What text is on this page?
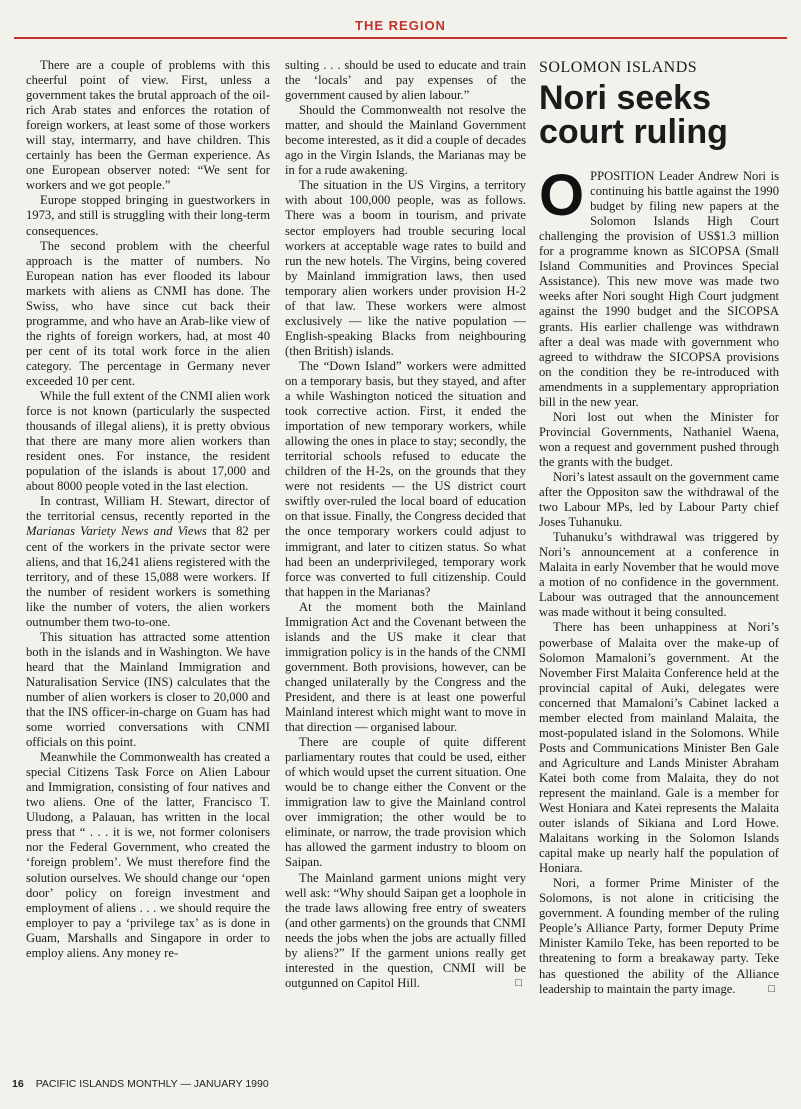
THE REGION

There are a couple of problems with this cheerful point of view. First, unless a government takes the brutal approach of the oil-rich Arab states and enforces the rotation of foreign workers, at least some of those workers will stay, intermarry, and have children. This certainly has been the German experience. As one European observer noted: “We sent for workers and we got people.”

Europe stopped bringing in guestworkers in 1973, and still is struggling with their long-term consequences.

The second problem with the cheerful approach is the matter of numbers. No European nation has ever flooded its labour markets with aliens as CNMI has done. The Swiss, who have since cut back their programme, and who have an Arab-like view of the rights of foreign workers, had, at most 40 per cent of its total work force in the alien category. The percentage in Germany never exceeded 10 per cent.

While the full extent of the CNMI alien work force is not known (particularly the suspected thousands of illegal aliens), it is pretty obvious that there are many more alien workers than resident ones. For instance, the resident population of the islands is about 17,000 and about 8000 people voted in the last election.

In contrast, William H. Stewart, director of the territorial census, recently reported in the Marianas Variety News and Views that 82 per cent of the workers in the private sector were aliens, and that 16,241 aliens registered with the territory, and of these 15,088 were workers. If the number of resident workers is something like the number of voters, the alien workers outnumber them two-to-one.

This situation has attracted some attention both in the islands and in Washington. We have heard that the Mainland Immigration and Naturalisation Service (INS) calculates that the number of alien workers is closer to 20,000 and that the INS officer-in-charge on Guam has had some worried conversations with CNMI officials on this point.

Meanwhile the Commonwealth has created a special Citizens Task Force on Alien Labour and Immigration, consisting of four natives and two aliens. One of the latter, Francisco T. Uludong, a Palauan, has written in the local press that “ . . . it is we, not former colonisers nor the Federal Government, who created the ‘foreign problem’. We must therefore find the solution ourselves. We should change our ‘open door’ policy on foreign investment and employment of aliens . . . we should require the employer to pay a ‘privilege tax’ as is done in Guam, Marshalls and Singapore in order to employ aliens. Any money re-

sulting . . . should be used to educate and train the ‘locals’ and pay expenses of the government caused by alien labour.”

Should the Commonwealth not resolve the matter, and should the Mainland Government become interested, as it did a couple of decades ago in the Virgin Islands, the Marianas may be in for a rude awakening.

The situation in the US Virgins, a territory with about 100,000 people, was as follows. There was a boom in tourism, and private sector employers had trouble securing local workers at acceptable wage rates to build and run the new hotels. The Virgins, being covered by Mainland immigration laws, then used temporary alien workers under provision H-2 of that law. These workers were almost exclusively — like the native population — English-speaking Blacks from neighbouring (then British) islands.

The “Down Island” workers were admitted on a temporary basis, but they stayed, and after a while Washington noticed the situation and took corrective action. First, it ended the importation of new temporary workers, while allowing the ones in place to stay; secondly, the territorial schools refused to educate the children of the H-2s, on the grounds that they were not residents — the US district court swiftly over-ruled the local board of education on that issue. Finally, the Congress decided that the once temporary workers could adjust to immigrant, and later to citizen status. So what had been an underprivileged, temporary work force was converted to full citizenship. Could that happen in the Marianas?

At the moment both the Mainland Immigration Act and the Covenant between the islands and the US make it clear that immigration policy is in the hands of the CNMI government. Both provisions, however, can be changed unilaterally by the Congress and the President, and there is at least one powerful Mainland interest which might want to move in that direction — organised labour.

There are couple of quite different parliamentary routes that could be used, either of which would upset the current situation. One would be to change either the Convent or the immigration law to give the Mainland control over immigration; the other would be to eliminate, or narrow, the trade provision which has allowed the garment industry to bloom on Saipan.

The Mainland garment unions might very well ask: “Why should Saipan get a loophole in the trade laws allowing free entry of sweaters (and other garments) on the grounds that CNMI needs the jobs when the jobs are actually filled by aliens?” If the garment unions really get interested in the question, CNMI will be outgunned on Capitol Hill.	□

SOLOMON ISLANDS
Nori seeks court ruling

OPPOSITION Leader Andrew Nori is continuing his battle against the 1990 budget by filing new papers at the Solomon Islands High Court challenging the provision of US$1.3 million for a programme known as SICOPSA (Small Island Communities and Provinces Special Assistance). This new move was made two weeks after Nori sought High Court judgment against the 1990 budget and the SICOPSA grants. His earlier challenge was withdrawn after a deal was made with government who agreed to withdraw the SICOPSA provisions on the condition they be re-introduced with amendments in a supplementary appropriation bill in the new year.

Nori lost out when the Minister for Provincial Governments, Nathaniel Waena, won a request and government pushed through the grants with the budget.

Nori’s latest assault on the government came after the Oppositon saw the withdrawal of the two Labour MPs, led by Labour Party chief Joses Tuhanuku.

Tuhanuku’s withdrawal was triggered by Nori’s announcement at a conference in Malaita in early November that he would move a motion of no confidence in the government. Labour was outraged that the announcement was made without it being consulted.

There has been unhappiness at Nori’s powerbase of Malaita over the make-up of Solomon Mamaloni’s government. At the November First Malaita Conference held at the provincial capital of Auki, delegates were concerned that Mamaloni’s Cabinet lacked a member elected from mainland Malaita, the most-populated island in the Solomons. While Posts and Communications Minister Ben Gale and Agriculture and Lands Minister Abraham Katei both come from Malaita, they do not represent the mainland. Gale is a member for West Honiara and Katei represents the Malaita outer islands of Sikiana and Lord Howe. Malaitans working in the Solomon Islands capital make up nearly half the population of Honiara.

Nori, a former Prime Minister of the Solomons, is not alone in criticising the government. A founding member of the ruling People’s Alliance Party, former Deputy Prime Minister Kamilo Teke, has been reported to be threatening to form a breakaway party. Teke has questioned the ability of the Alliance leadership to maintain the party image.	□

16 PACIFIC ISLANDS MONTHLY — JANUARY 1990
